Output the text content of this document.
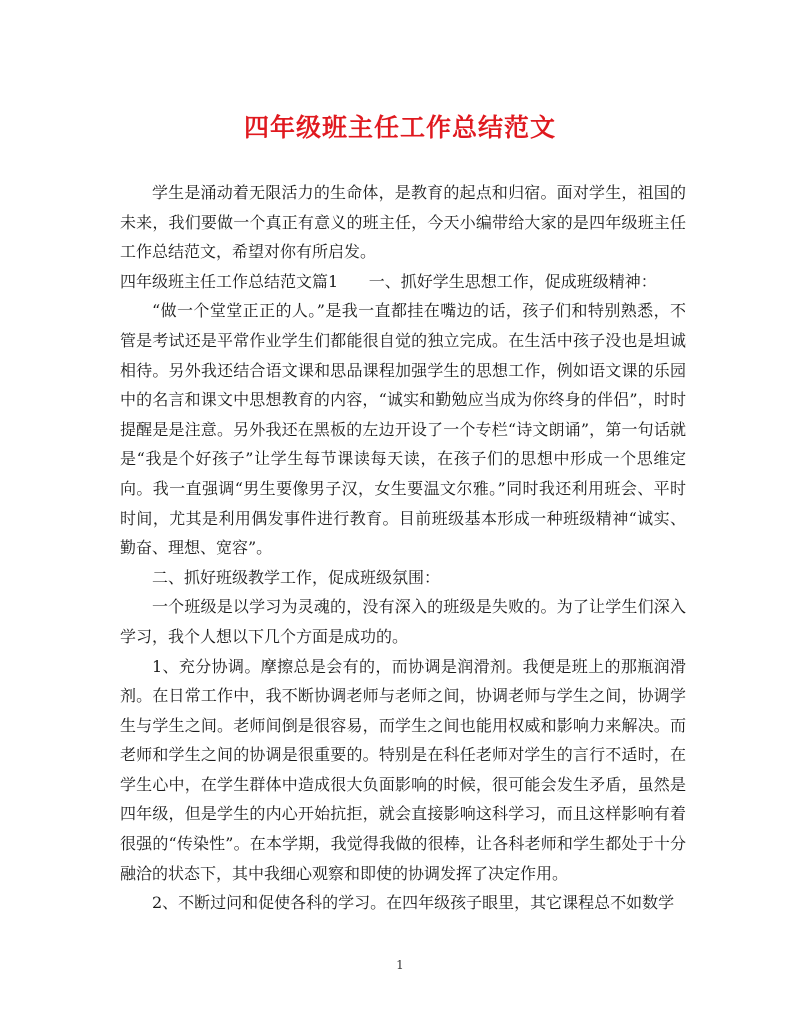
四年级班主任工作总结范文

学生是涌动着无限活力的生命体，是教育的起点和归宿。面对学生，祖国的未来，我们要做一个真正有意义的班主任，今天小编带给大家的是四年级班主任工作总结范文，希望对你有所启发。

四年级班主任工作总结范文篇1 一、抓好学生思想工作，促成班级精神：

“做一个堂堂正正的人。”是我一直都挂在嘴边的话，孩子们和特别熟悉，不管是考试还是平常作业学生们都能很自觉的独立完成。在生活中孩子没也是坦诚相待。另外我还结合语文课和思品课程加强学生的思想工作，例如语文课的乐园中的名言和课文中思想教育的内容，“诚实和勤勉应当成为你终身的伴侣”，时时提醒是是注意。另外我还在黑板的左边开设了一个专栏“诗文朗诵”，第一句话就是“我是个好孩子”让学生每节课读每天读，在孩子们的思想中形成一个思维定向。我一直强调“男生要像男子汉，女生要温文尔雅。”同时我还利用班会、平时时间，尤其是利用偶发事件进行教育。目前班级基本形成一种班级精神“诚实、勤奋、理想、宽容”。

二、抓好班级教学工作，促成班级氛围：

一个班级是以学习为灵魂的，没有深入的班级是失败的。为了让学生们深入学习，我个人想以下几个方面是成功的。

1、充分协调。摩擦总是会有的，而协调是润滑剂。我便是班上的那瓶润滑剂。在日常工作中，我不断协调老师与老师之间，协调老师与学生之间，协调学生与学生之间。老师间倒是很容易，而学生之间也能用权威和影响力来解决。而老师和学生之间的协调是很重要的。特别是在科任老师对学生的言行不适时，在学生心中，在学生群体中造成很大负面影响的时候，很可能会发生矛盾，虽然是四年级，但是学生的内心开始抗拒，就会直接影响这科学习，而且这样影响有着很强的“传染性”。在本学期，我觉得我做的很棒，让各科老师和学生都处于十分融洽的状态下，其中我细心观察和即使的协调发挥了决定作用。

2、不断过问和促使各科的学习。在四年级孩子眼里，其它课程总不如数学

1
